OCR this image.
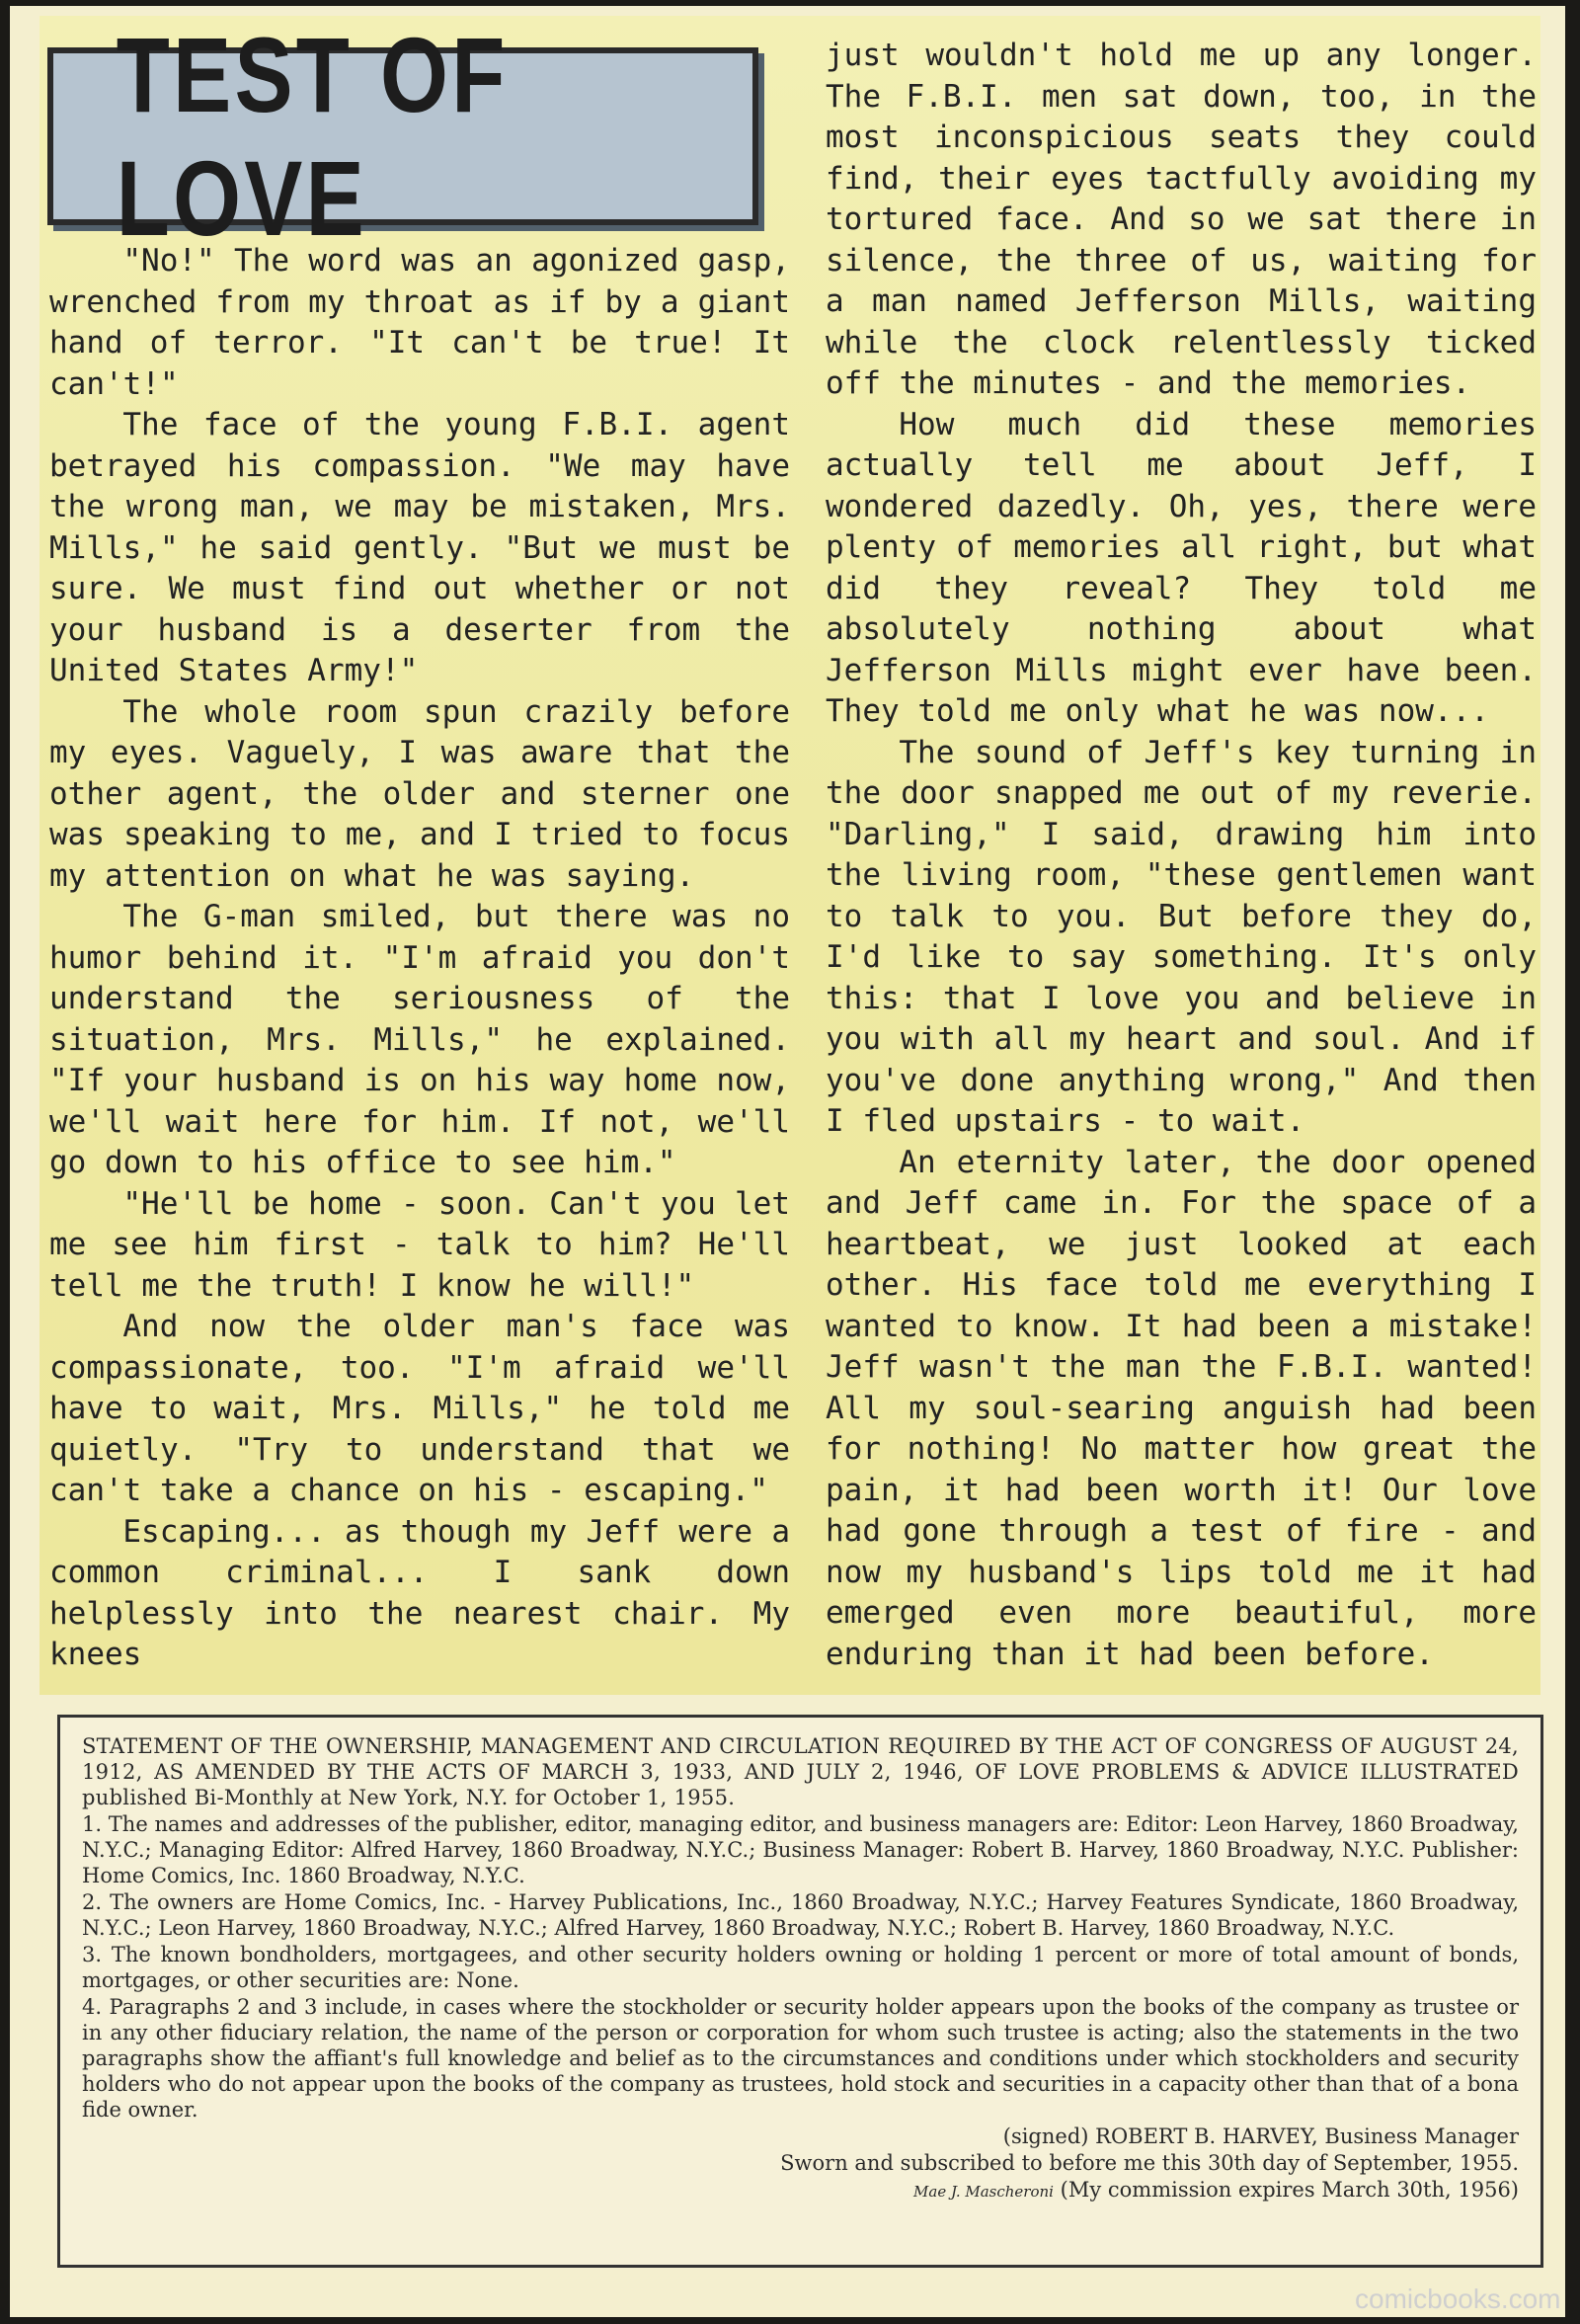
TEST OF LOVE

"No!" The word was an agonized gasp, wrenched from my throat as if by a giant hand of terror. "It can't be true! It can't!"

The face of the young F.B.I. agent betrayed his compassion. "We may have the wrong man, we may be mistaken, Mrs. Mills," he said gently. "But we must be sure. We must find out whether or not your husband is a deserter from the United States Army!"

The whole room spun crazily before my eyes. Vaguely, I was aware that the other agent, the older and sterner one was speaking to me, and I tried to focus my attention on what he was saying.

The G-man smiled, but there was no humor behind it. "I'm afraid you don't understand the seriousness of the situation, Mrs. Mills," he explained. "If your husband is on his way home now, we'll wait here for him. If not, we'll go down to his office to see him."

"He'll be home - soon. Can't you let me see him first - talk to him? He'll tell me the truth! I know he will!"

And now the older man's face was compassionate, too. "I'm afraid we'll have to wait, Mrs. Mills," he told me quietly. "Try to understand that we can't take a chance on his - escaping."

Escaping... as though my Jeff were a common criminal... I sank down helplessly into the nearest chair. My knees

just wouldn't hold me up any longer. The F.B.I. men sat down, too, in the most inconspicious seats they could find, their eyes tactfully avoiding my tortured face. And so we sat there in silence, the three of us, waiting for a man named Jefferson Mills, waiting while the clock relentlessly ticked off the minutes - and the memories.

How much did these memories actually tell me about Jeff, I wondered dazedly. Oh, yes, there were plenty of memories all right, but what did they reveal? They told me absolutely nothing about what Jefferson Mills might ever have been. They told me only what he was now...

The sound of Jeff's key turning in the door snapped me out of my reverie. "Darling," I said, drawing him into the living room, "these gentlemen want to talk to you. But before they do, I'd like to say something. It's only this: that I love you and believe in you with all my heart and soul. And if you've done anything wrong," And then I fled upstairs - to wait.

An eternity later, the door opened and Jeff came in. For the space of a heartbeat, we just looked at each other. His face told me everything I wanted to know. It had been a mistake! Jeff wasn't the man the F.B.I. wanted! All my soul-searing anguish had been for nothing! No matter how great the pain, it had been worth it! Our love had gone through a test of fire - and now my husband's lips told me it had emerged even more beautiful, more enduring than it had been before.

STATEMENT OF THE OWNERSHIP, MANAGEMENT AND CIRCULATION REQUIRED BY THE ACT OF CONGRESS OF AUGUST 24, 1912, AS AMENDED BY THE ACTS OF MARCH 3, 1933, AND JULY 2, 1946, OF LOVE PROBLEMS & ADVICE ILLUSTRATED published Bi-Monthly at New York, N.Y. for October 1, 1955.

1. The names and addresses of the publisher, editor, managing editor, and business managers are: Editor: Leon Harvey, 1860 Broadway, N.Y.C.; Managing Editor: Alfred Harvey, 1860 Broadway, N.Y.C.; Business Manager: Robert B. Harvey, 1860 Broadway, N.Y.C. Publisher: Home Comics, Inc. 1860 Broadway, N.Y.C.

2. The owners are Home Comics, Inc. - Harvey Publications, Inc., 1860 Broadway, N.Y.C.; Harvey Features Syndicate, 1860 Broadway, N.Y.C.; Leon Harvey, 1860 Broadway, N.Y.C.; Alfred Harvey, 1860 Broadway, N.Y.C.; Robert B. Harvey, 1860 Broadway, N.Y.C.

3. The known bondholders, mortgagees, and other security holders owning or holding 1 percent or more of total amount of bonds, mortgages, or other securities are: None.

4. Paragraphs 2 and 3 include, in cases where the stockholder or security holder appears upon the books of the company as trustee or in any other fiduciary relation, the name of the person or corporation for whom such trustee is acting; also the statements in the two paragraphs show the affiant's full knowledge and belief as to the circumstances and conditions under which stockholders and security holders who do not appear upon the books of the company as trustees, hold stock and securities in a capacity other than that of a bona fide owner.

(signed) ROBERT B. HARVEY, Business Manager

Sworn and subscribed to before me this 30th day of September, 1955.

Mae J. Mascheroni (My commission expires March 30th, 1956)

comicbooks.com
